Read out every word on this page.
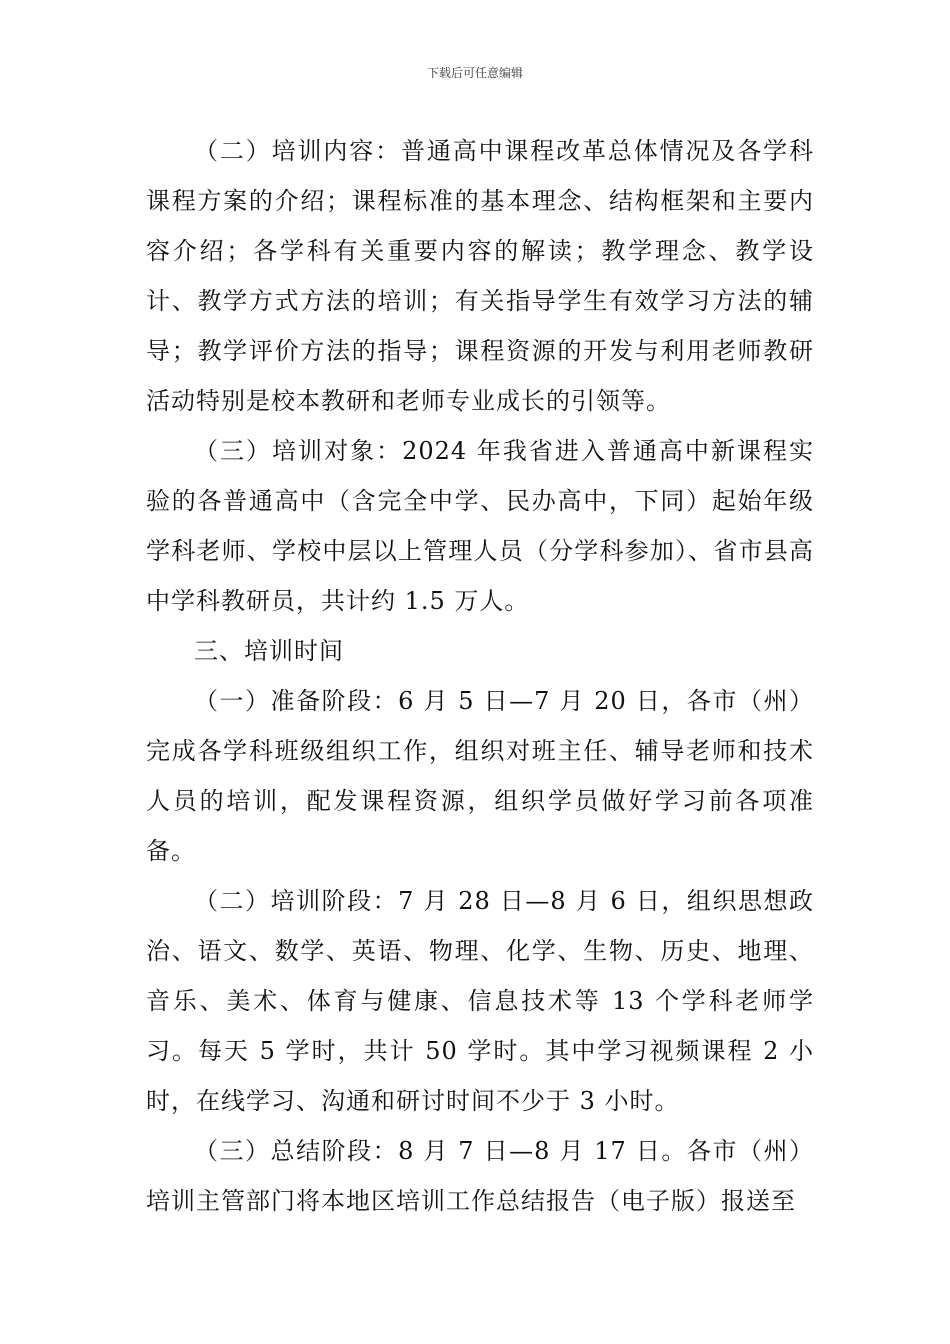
下载后可任意编辑

（二）培训内容：普通高中课程改革总体情况及各学科课程方案的介绍；课程标准的基本理念、结构框架和主要内容介绍；各学科有关重要内容的解读；教学理念、教学设计、教学方式方法的培训；有关指导学生有效学习方法的辅导；教学评价方法的指导；课程资源的开发与利用老师教研活动特别是校本教研和老师专业成长的引领等。

（三）培训对象：2024 年我省进入普通高中新课程实验的各普通高中（含完全中学、民办高中，下同）起始年级学科老师、学校中层以上管理人员（分学科参加）、省市县高中学科教研员，共计约 1.5 万人。

三、培训时间

（一）准备阶段：6 月 5 日—7 月 20 日，各市（州）完成各学科班级组织工作，组织对班主任、辅导老师和技术人员的培训，配发课程资源，组织学员做好学习前各项准备。

（二）培训阶段：7 月 28 日—8 月 6 日，组织思想政治、语文、数学、英语、物理、化学、生物、历史、地理、音乐、美术、体育与健康、信息技术等 13 个学科老师学习。每天 5 学时，共计 50 学时。其中学习视频课程 2 小时，在线学习、沟通和研讨时间不少于 3 小时。

（三）总结阶段：8 月 7 日—8 月 17 日。各市（州）培训主管部门将本地区培训工作总结报告（电子版）报送至
